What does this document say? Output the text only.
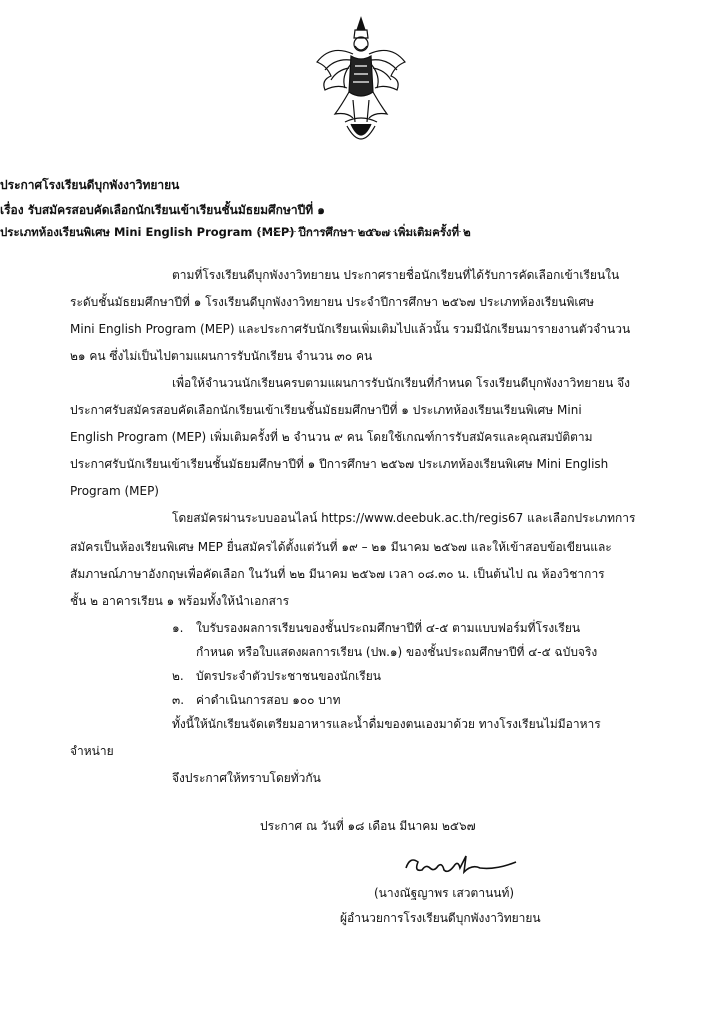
ประกาศโรงเรียนดีบุกพังงาวิทยายน
เรื่อง รับสมัครสอบคัดเลือกนักเรียนเข้าเรียนชั้นมัธยมศึกษาปีที่ ๑
ประเภทห้องเรียนพิเศษ Mini English Program (MEP) ปีการศึกษา ๒๕๖๗ เพิ่มเติมครั้งที่ ๒
ตามที่โรงเรียนดีบุกพังงาวิทยายน ประกาศรายชื่อนักเรียนที่ได้รับการคัดเลือกเข้าเรียนใน
ระดับชั้นมัธยมศึกษาปีที่ ๑ โรงเรียนดีบุกพังงาวิทยายน ประจำปีการศึกษา ๒๕๖๗ ประเภทห้องเรียนพิเศษ
Mini English Program (MEP) และประกาศรับนักเรียนเพิ่มเติมไปแล้วนั้น รวมมีนักเรียนมารายงานตัวจำนวน
๒๑ คน ซึ่งไม่เป็นไปตามแผนการรับนักเรียน จำนวน ๓๐ คน
เพื่อให้จำนวนนักเรียนครบตามแผนการรับนักเรียนที่กำหนด โรงเรียนดีบุกพังงาวิทยายน จึง
ประกาศรับสมัครสอบคัดเลือกนักเรียนเข้าเรียนชั้นมัธยมศึกษาปีที่ ๑ ประเภทห้องเรียนเรียนพิเศษ Mini
English Program (MEP) เพิ่มเติมครั้งที่ ๒ จำนวน ๙ คน โดยใช้เกณฑ์การรับสมัครและคุณสมบัติตาม
ประกาศรับนักเรียนเข้าเรียนชั้นมัธยมศึกษาปีที่ ๑ ปีการศึกษา ๒๕๖๗ ประเภทห้องเรียนพิเศษ Mini English
Program (MEP)
โดยสมัครผ่านระบบออนไลน์ https://www.deebuk.ac.th/regis67 และเลือกประเภทการ
สมัครเป็นห้องเรียนพิเศษ MEP ยื่นสมัครได้ตั้งแต่วันที่ ๑๙ – ๒๑ มีนาคม ๒๕๖๗ และให้เข้าสอบข้อเขียนและ
สัมภาษณ์ภาษาอังกฤษเพื่อคัดเลือก ในวันที่ ๒๒ มีนาคม ๒๕๖๗ เวลา ๐๘.๓๐ น. เป็นต้นไป ณ ห้องวิชาการ
ชั้น ๒ อาคารเรียน ๑ พร้อมทั้งให้นำเอกสาร
๑. ใบรับรองผลการเรียนของชั้นประถมศึกษาปีที่ ๔-๕ ตามแบบฟอร์มที่โรงเรียน
กำหนด หรือใบแสดงผลการเรียน (ปพ.๑) ของชั้นประถมศึกษาปีที่ ๔-๕ ฉบับจริง
๒. บัตรประจำตัวประชาชนของนักเรียน
๓. ค่าดำเนินการสอบ ๑๐๐ บาท
ทั้งนี้ให้นักเรียนจัดเตรียมอาหารและน้ำดื่มของตนเองมาด้วย ทางโรงเรียนไม่มีอาหาร
จำหน่าย
จึงประกาศให้ทราบโดยทั่วกัน
ประกาศ ณ วันที่ ๑๘ เดือน มีนาคม ๒๕๖๗
(นางณัฐญาพร เสวตานนท์)
ผู้อำนวยการโรงเรียนดีบุกพังงาวิทยายน
